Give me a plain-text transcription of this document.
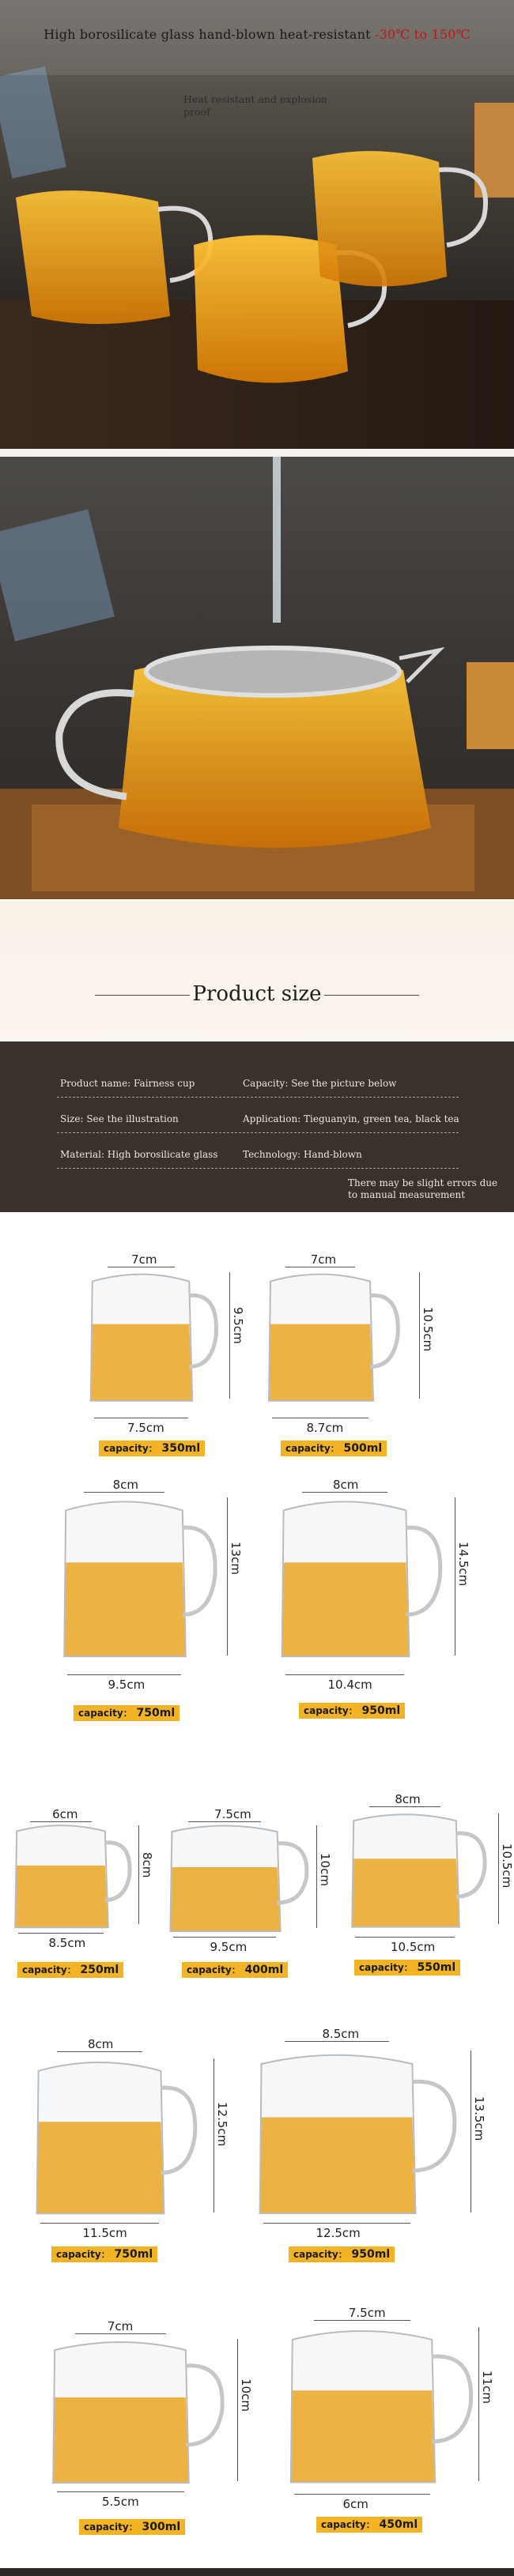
High borosilicate glass hand-blown heat-resistant -30℃ to 150℃
Heat resistant and explosion proof
Product size
Product name: Fairness cup	Capacity: See the picture below
Size: See the illustration	Application: Tieguanyin, green tea, black tea
Material: High borosilicate glass	Technology: Hand-blown
There may be slight errors due
to manual measurement
7cm
9.5cm
7.5cm
capacity： 350ml
7cm
10.5cm
8.7cm
capacity： 500ml
8cm
13cm
9.5cm
capacity： 750ml
8cm
14.5cm
10.4cm
capacity： 950ml
6cm
8cm
8.5cm
capacity： 250ml
7.5cm
10cm
9.5cm
capacity： 400ml
8cm
10.5cm
10.5cm
capacity： 550ml
8cm
12.5cm
11.5cm
capacity： 750ml
8.5cm
13.5cm
12.5cm
capacity： 950ml
7cm
10cm
5.5cm
capacity： 300ml
7.5cm
11cm
6cm
capacity： 450ml
